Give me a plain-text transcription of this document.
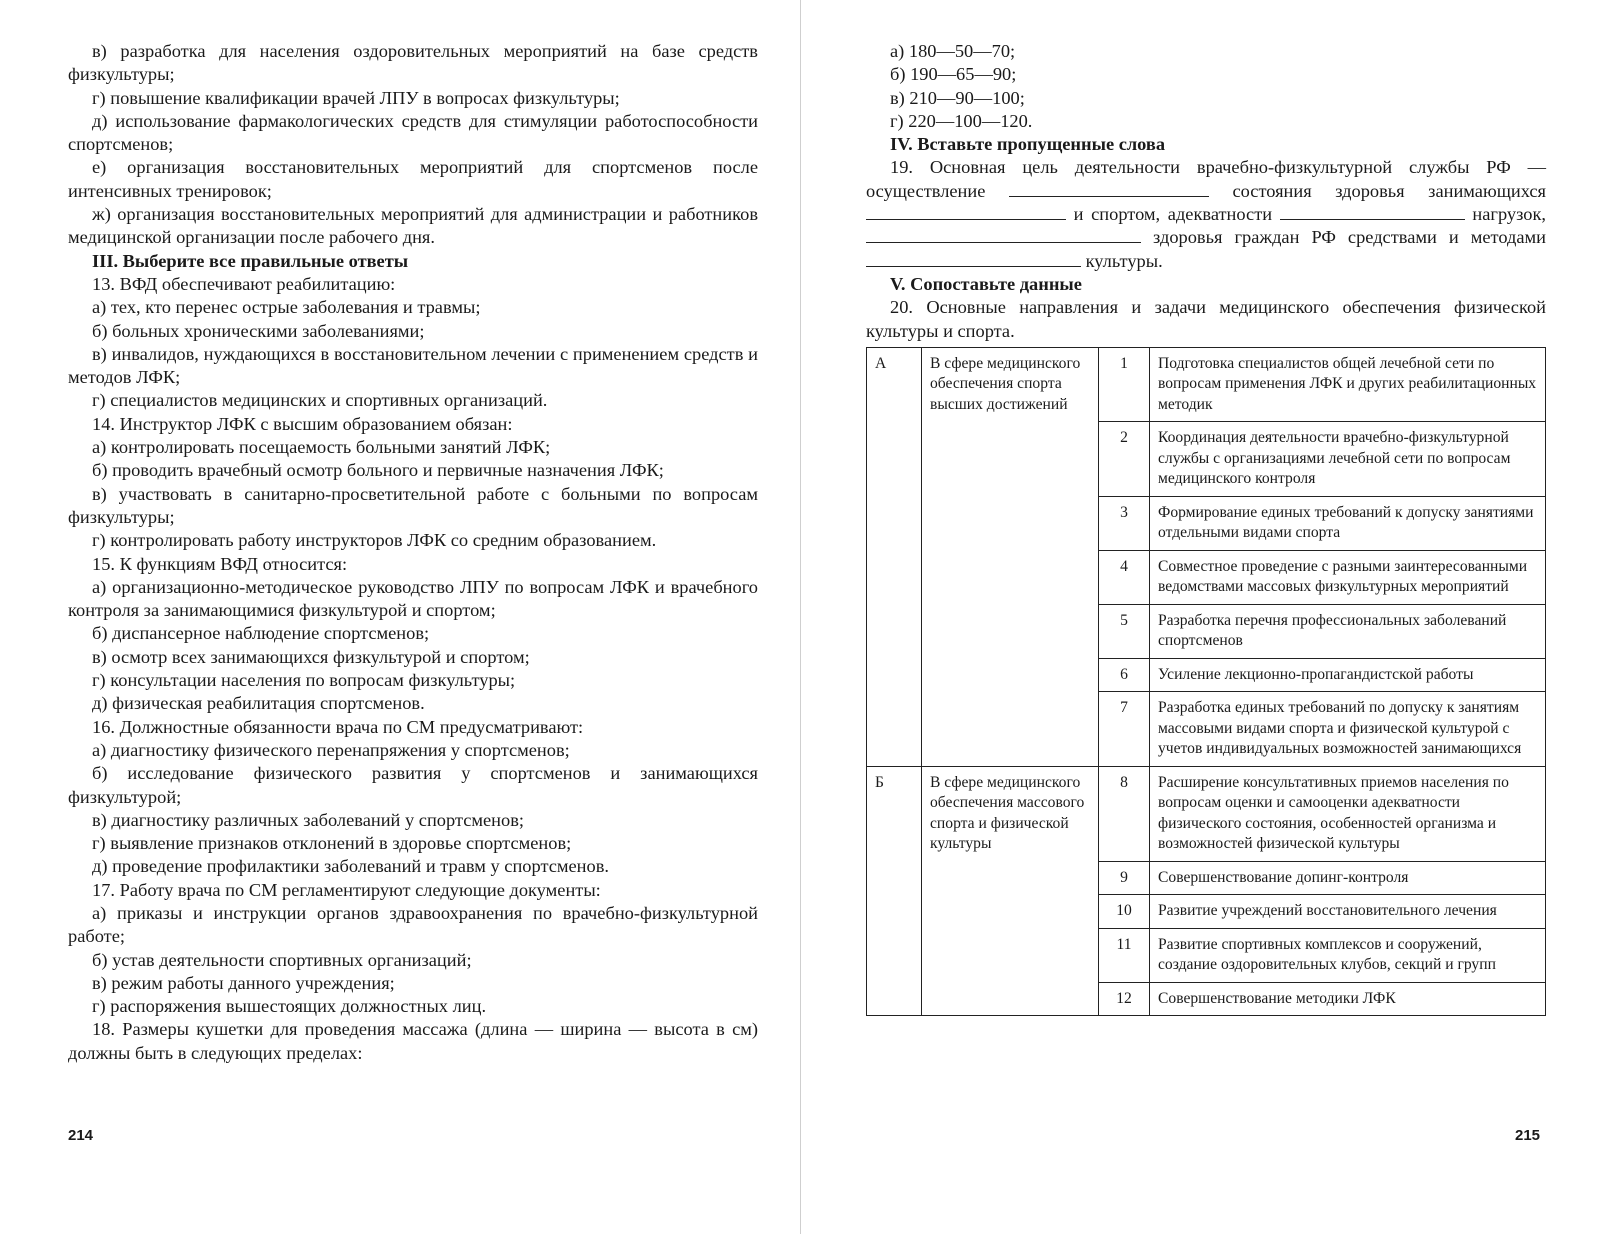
в) разработка для населения оздоровительных мероприятий на базе средств физкультуры;

г) повышение квалификации врачей ЛПУ в вопросах физкультуры;

д) использование фармакологических средств для стимуляции работоспособности спортсменов;

е) организация восстановительных мероприятий для спортсменов после интенсивных тренировок;

ж) организация восстановительных мероприятий для администрации и работников медицинской организации после рабочего дня.

III. Выберите все правильные ответы

13. ВФД обеспечивают реабилитацию:

а) тех, кто перенес острые заболевания и травмы;

б) больных хроническими заболеваниями;

в) инвалидов, нуждающихся в восстановительном лечении с применением средств и методов ЛФК;

г) специалистов медицинских и спортивных организаций.

14. Инструктор ЛФК с высшим образованием обязан:

а) контролировать посещаемость больными занятий ЛФК;

б) проводить врачебный осмотр больного и первичные назначения ЛФК;

в) участвовать в санитарно-просветительной работе с больными по вопросам физкультуры;

г) контролировать работу инструкторов ЛФК со средним образованием.

15. К функциям ВФД относится:

а) организационно-методическое руководство ЛПУ по вопросам ЛФК и врачебного контроля за занимающимися физкультурой и спортом;

б) диспансерное наблюдение спортсменов;

в) осмотр всех занимающихся физкультурой и спортом;

г) консультации населения по вопросам физкультуры;

д) физическая реабилитация спортсменов.

16. Должностные обязанности врача по СМ предусматривают:

а) диагностику физического перенапряжения у спортсменов;

б) исследование физического развития у спортсменов и занимающихся физкультурой;

в) диагностику различных заболеваний у спортсменов;

г) выявление признаков отклонений в здоровье спортсменов;

д) проведение профилактики заболеваний и травм у спортсменов.

17. Работу врача по СМ регламентируют следующие документы:

а) приказы и инструкции органов здравоохранения по врачебно-физкультурной работе;

б) устав деятельности спортивных организаций;

в) режим работы данного учреждения;

г) распоряжения вышестоящих должностных лиц.

18. Размеры кушетки для проведения массажа (длина — ширина — высота в см) должны быть в следующих пределах:

214

а) 180—50—70;

б) 190—65—90;

в) 210—90—100;

г) 220—100—120.

IV. Вставьте пропущенные слова

19. Основная цель деятельности врачебно-физкультурной службы РФ — осуществление	состояния здоровья занимающихся  и спортом, адекватности	нагрузок,  здоровья граждан РФ средствами и методами  культуры.

V. Сопоставьте данные

20. Основные направления и задачи медицинского обеспечения физической культуры и спорта.

А	В сфере медицинского обеспечения спорта высших достижений	1	Подготовка специалистов общей лечебной сети по вопросам применения ЛФК и других реабилитационных методик
		2	Координация деятельности врачебно-физкультурной службы с организациями лечебной сети по вопросам медицинского контроля
		3	Формирование единых требований к допуску занятиями отдельными видами спорта
		4	Совместное проведение с разными заинтересованными ведомствами массовых физкультурных мероприятий
		5	Разработка перечня профессиональных заболеваний спортсменов
		6	Усиление лекционно-пропагандистской работы
		7	Разработка единых требований по допуску к занятиям массовыми видами спорта и физической культурой с учетов индивидуальных возможностей занимающихся
Б	В сфере медицинского обеспечения массового спорта и физической культуры	8	Расширение консультативных приемов населения по вопросам оценки и самооценки адекватности физического состояния, особенностей организма и возможностей физической культуры
		9	Совершенствование допинг-контроля
		10	Развитие учреждений восстановительного лечения
		11	Развитие спортивных комплексов и сооружений, создание оздоровительных клубов, секций и групп
		12	Совершенствование методики ЛФК
215
